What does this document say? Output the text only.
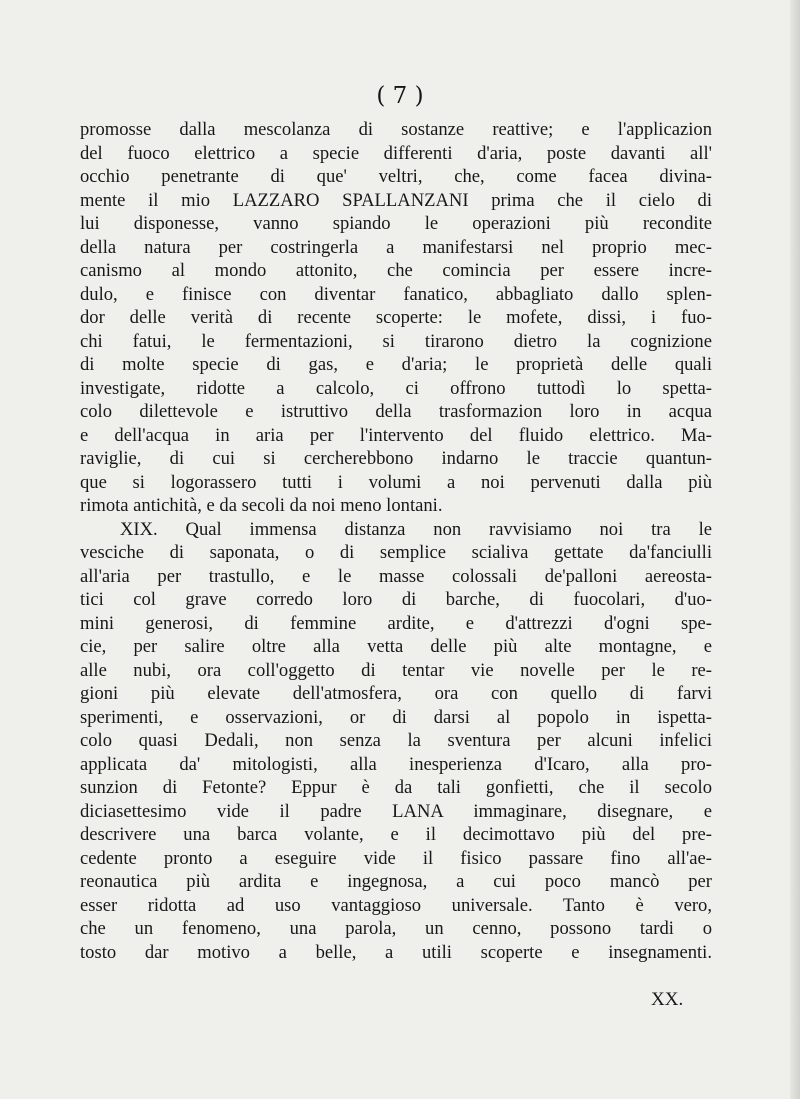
( 7 )
promosse dalla mescolanza di sostanze reattive; e l'applicazion
del fuoco elettrico a specie differenti d'aria, poste davanti all'
occhio penetrante di que' veltri, che, come facea divina-
mente il mio LAZZARO SPALLANZANI prima che il cielo di
lui disponesse, vanno spiando le operazioni più recondite
della natura per costringerla a manifestarsi nel proprio mec-
canismo al mondo attonito, che comincia per essere incre-
dulo, e finisce con diventar fanatico, abbagliato dallo splen-
dor delle verità di recente scoperte: le mofete, dissi, i fuo-
chi fatui, le fermentazioni, si tirarono dietro la cognizione
di molte specie di gas, e d'aria; le proprietà delle quali
investigate, ridotte a calcolo, ci offrono tuttodì lo spetta-
colo dilettevole e istruttivo della trasformazion loro in acqua
e dell'acqua in aria per l'intervento del fluido elettrico. Ma-
raviglie, di cui si cercherebbono indarno le traccie quantun-
que si logorassero tutti i volumi a noi pervenuti dalla più
rimota antichità, e da secoli da noi meno lontani.
XIX. Qual immensa distanza non ravvisiamo noi tra le
vesciche di saponata, o di semplice scialiva gettate da'fanciulli
all'aria per trastullo, e le masse colossali de'palloni aereosta-
tici col grave corredo loro di barche, di fuocolari, d'uo-
mini generosi, di femmine ardite, e d'attrezzi d'ogni spe-
cie, per salire oltre alla vetta delle più alte montagne, e
alle nubi, ora coll'oggetto di tentar vie novelle per le re-
gioni più elevate dell'atmosfera, ora con quello di farvi
sperimenti, e osservazioni, or di darsi al popolo in ispetta-
colo quasi Dedali, non senza la sventura per alcuni infelici
applicata da' mitologisti, alla inesperienza d'Icaro, alla pro-
sunzion di Fetonte? Eppur è da tali gonfietti, che il secolo
diciasettesimo vide il padre LANA immaginare, disegnare, e
descrivere una barca volante, e il decimottavo più del pre-
cedente pronto a eseguire vide il fisico passare fino all'ae-
reonautica più ardita e ingegnosa, a cui poco mancò per
esser ridotta ad uso vantaggioso universale. Tanto è vero,
che un fenomeno, una parola, un cenno, possono tardi o
tosto dar motivo a belle, a utili scoperte e insegnamenti.
XX.
